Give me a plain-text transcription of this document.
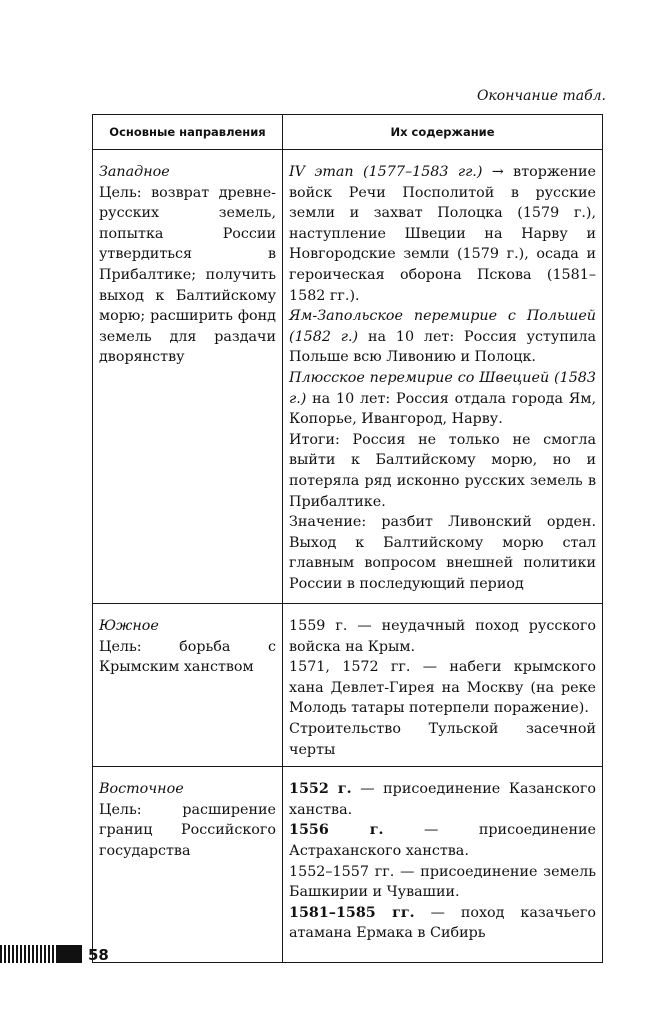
Окончание табл.
Основные направления	Их содержание

Западное
Цель: возврат древне-русских земель, попытка России утвердиться в Прибалтике; получить выход к Балтийскому морю; расширить фонд земель для раздачи дворянству	IV этап (1577–1583 гг.) → вторжение войск Речи Посполитой в русские земли и захват Полоцка (1579 г.), наступление Швеции на Нарву и Новгородские земли (1579 г.), осада и героическая оборона Пскова (1581–1582 гг.).
Ям-Запольское перемирие с Польшей (1582 г.) на 10 лет: Россия уступила Польше всю Ливонию и Полоцк.
Плюсское перемирие со Швецией (1583 г.) на 10 лет: Россия отдала города Ям, Копорье, Ивангород, Нарву.
Итоги: Россия не только не смогла выйти к Балтийскому морю, но и потеряла ряд исконно русских земель в Прибалтике.
Значение: разбит Ливонский орден. Выход к Балтийскому морю стал главным вопросом внешней политики России в последующий период

Южное
Цель: борьба с Крымским ханством	1559 г. — неудачный поход русского войска на Крым.
1571, 1572 гг. — набеги крымского хана Девлет-Гирея на Москву (на реке Молодь татары потерпели поражение).
Строительство Тульской засечной черты

Восточное
Цель: расширение границ Российского государства	1552 г. — присоединение Казанского ханства.
1556 г. — присоединение Астраханского ханства.
1552–1557 гг. — присоединение земель Башкирии и Чувашии.
1581–1585 гг. — поход казачьего атамана Ермака в Сибирь
58
